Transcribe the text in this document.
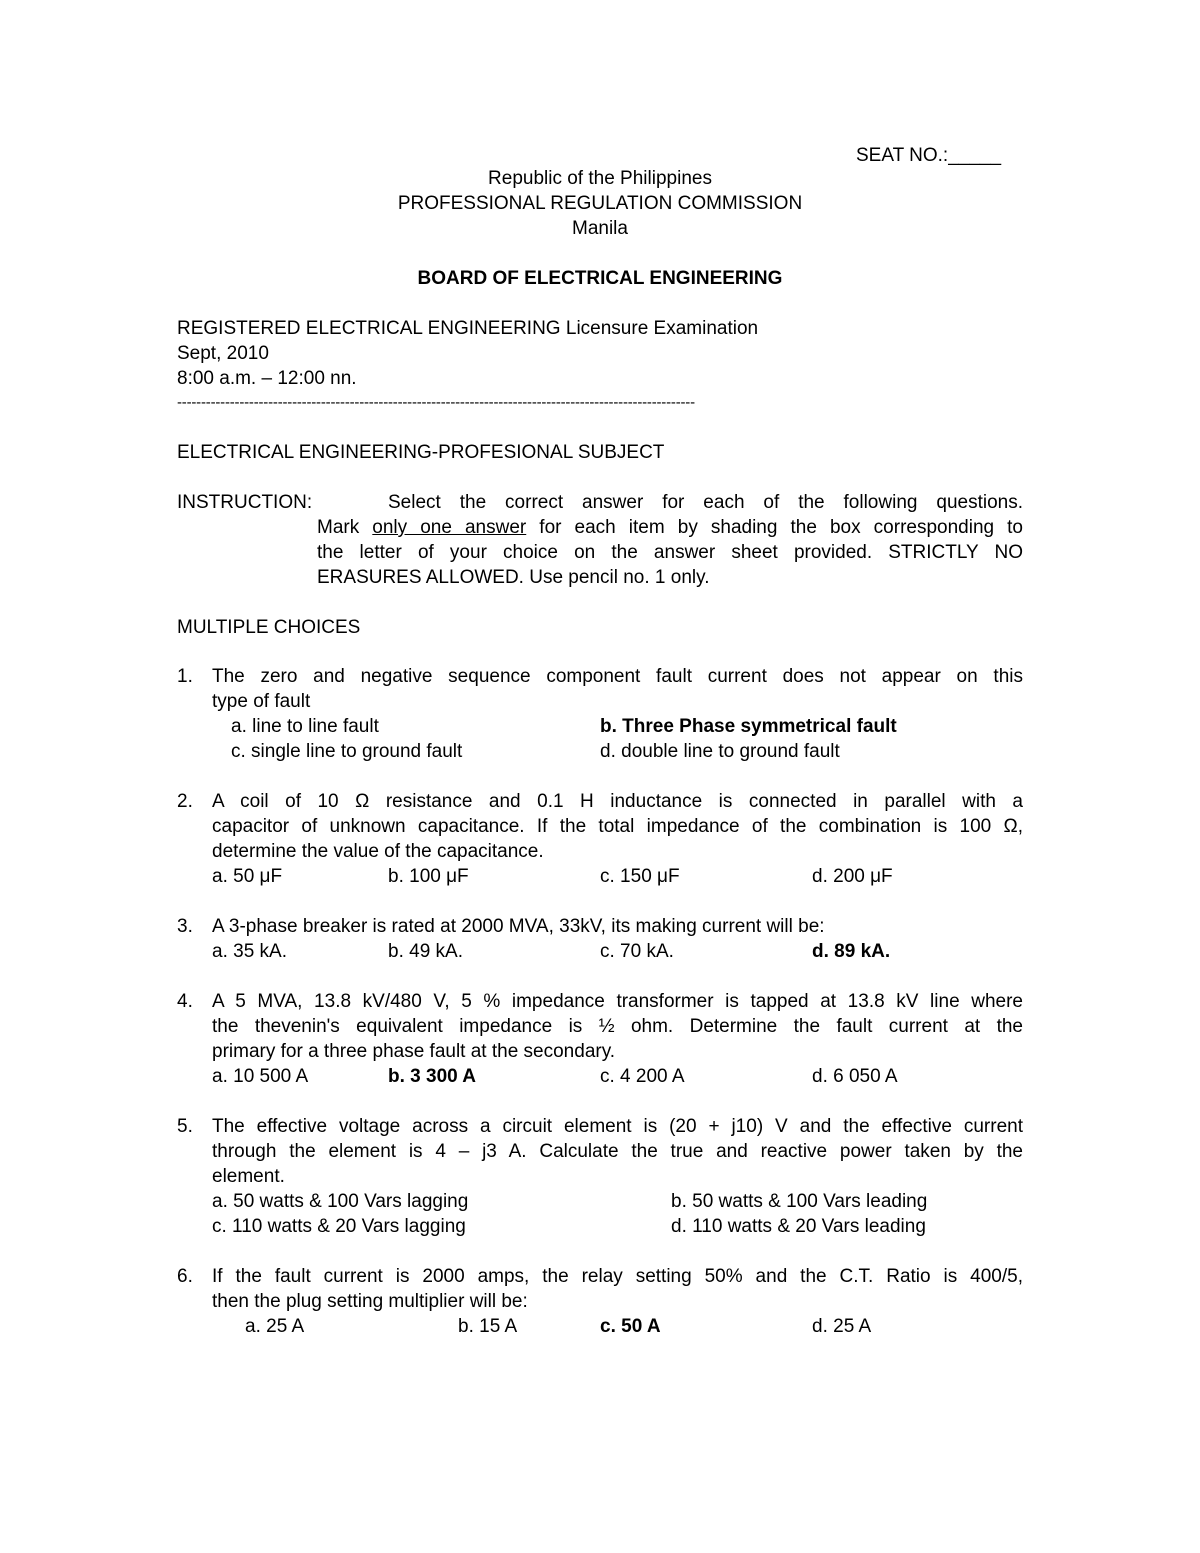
SEAT NO.:_____
Republic of the Philippines
PROFESSIONAL REGULATION COMMISSION
Manila
BOARD OF ELECTRICAL ENGINEERING
REGISTERED ELECTRICAL ENGINEERING Licensure Examination
Sept, 2010
8:00 a.m. – 12:00 nn.
------------------------------------------------------------------------------------------------------------
ELECTRICAL ENGINEERING-PROFESIONAL SUBJECT
INSTRUCTION:	Select the correct answer for each of the following questions.
Mark only one answer for each item by shading the box corresponding to
the letter of your choice on the answer sheet provided. STRICTLY NO
ERASURES ALLOWED. Use pencil no. 1 only.
MULTIPLE CHOICES
1. The zero and negative sequence component fault current does not appear on this
type of fault
a. line to line fault	b. Three Phase symmetrical fault
c. single line to ground fault	d. double line to ground fault
2. A coil of 10 Ω resistance and 0.1 H inductance is connected in parallel with a
capacitor of unknown capacitance. If the total impedance of the combination is 100 Ω,
determine the value of the capacitance.
a. 50 μF	b. 100 μF	c. 150 μF	d. 200 μF
3. A 3-phase breaker is rated at 2000 MVA, 33kV, its making current will be:
a. 35 kA.	b. 49 kA.	c. 70 kA.	d. 89 kA.
4. A 5 MVA, 13.8 kV/480 V, 5 % impedance transformer is tapped at 13.8 kV line where
the thevenin's equivalent impedance is ½ ohm. Determine the fault current at the
primary for a three phase fault at the secondary.
a. 10 500 A	b. 3 300 A	c. 4 200 A	d. 6 050 A
5. The effective voltage across a circuit element is (20 + j10) V and the effective current
through the element is 4 – j3 A. Calculate the true and reactive power taken by the
element.
a. 50 watts & 100 Vars lagging	b. 50 watts & 100 Vars leading
c. 110 watts & 20 Vars lagging	d. 110 watts & 20 Vars leading
6. If the fault current is 2000 amps, the relay setting 50% and the C.T. Ratio is 400/5,
then the plug setting multiplier will be:
a. 25 A	b. 15 A	c. 50 A	d. 25 A
